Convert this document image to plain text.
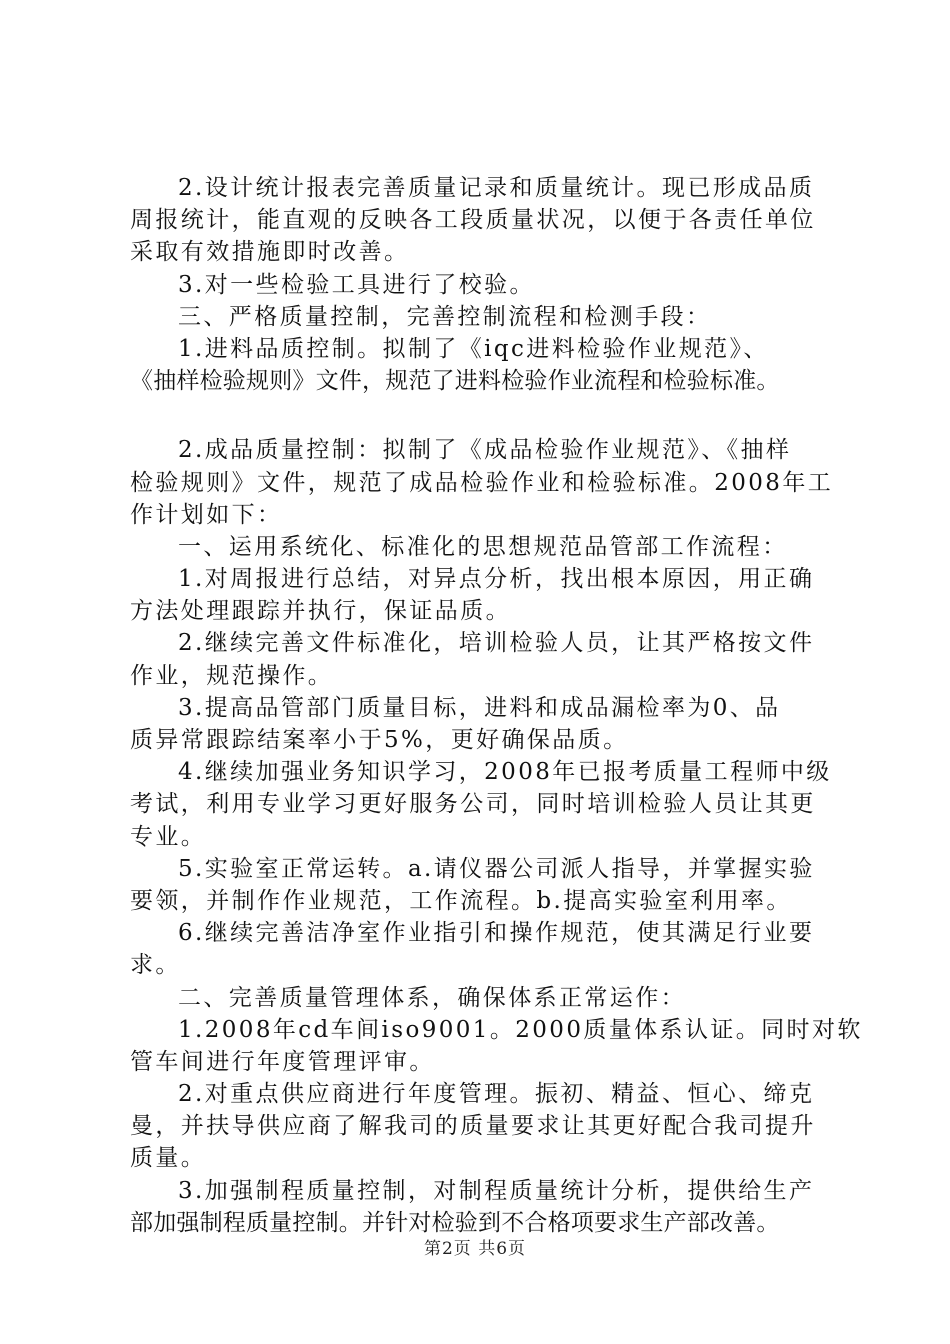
2.设计统计报表完善质量记录和质量统计。现已形成品质
周报统计，能直观的反映各工段质量状况，以便于各责任单位
采取有效措施即时改善。
3.对一些检验工具进行了校验。
三、严格质量控制，完善控制流程和检测手段：
1.进料品质控制。拟制了《iqc进料检验作业规范》、
《抽样检验规则》文件，规范了进料检验作业流程和检验标准。
2.成品质量控制：拟制了《成品检验作业规范》、《抽样
检验规则》文件，规范了成品检验作业和检验标准。2008年工
作计划如下：
一、运用系统化、标准化的思想规范品管部工作流程：
1.对周报进行总结，对异点分析，找出根本原因，用正确
方法处理跟踪并执行，保证品质。
2.继续完善文件标准化，培训检验人员，让其严格按文件
作业，规范操作。
3.提高品管部门质量目标，进料和成品漏检率为0、品
质异常跟踪结案率小于5%，更好确保品质。
4.继续加强业务知识学习，2008年已报考质量工程师中级
考试，利用专业学习更好服务公司，同时培训检验人员让其更
专业。
5.实验室正常运转。a.请仪器公司派人指导，并掌握实验
要领，并制作作业规范，工作流程。b.提高实验室利用率。
6.继续完善洁净室作业指引和操作规范，使其满足行业要
求。
二、完善质量管理体系，确保体系正常运作：
1.2008年cd车间iso9001。2000质量体系认证。同时对软
管车间进行年度管理评审。
2.对重点供应商进行年度管理。振初、精益、恒心、缔克
曼，并扶导供应商了解我司的质量要求让其更好配合我司提升
质量。
3.加强制程质量控制，对制程质量统计分析，提供给生产
部加强制程质量控制。并针对检验到不合格项要求生产部改善。
第2页 共6页
